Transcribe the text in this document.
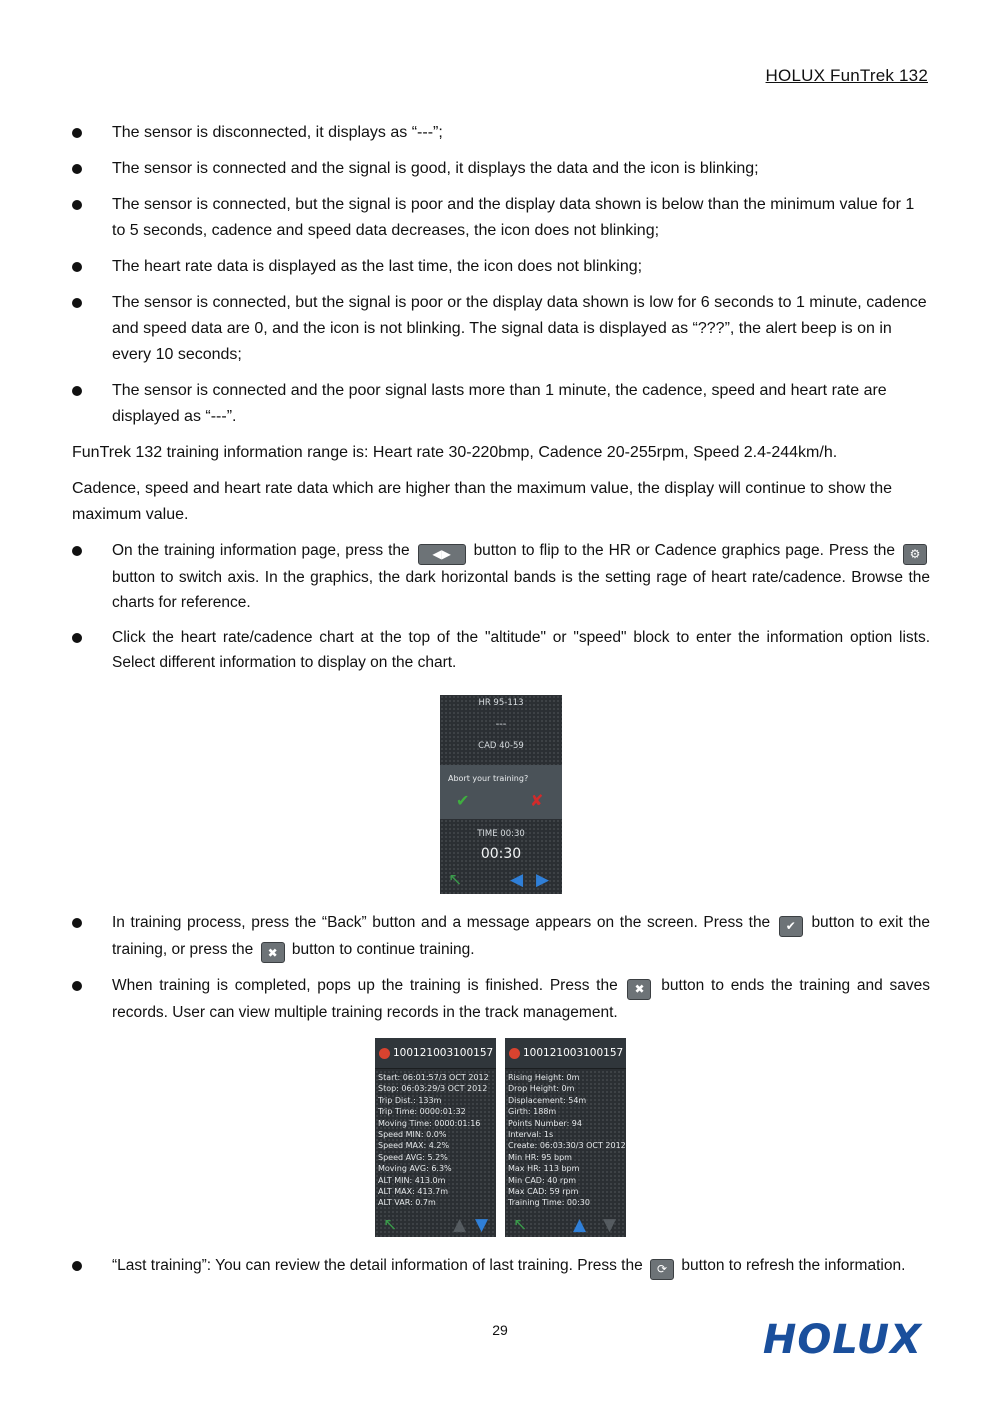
HOLUX FunTrek 132
The sensor is disconnected, it displays as “---”;
The sensor is connected and the signal is good, it displays the data and the icon is blinking;
The sensor is connected, but the signal is poor and the display data shown is below than the minimum value for 1 to 5 seconds, cadence and speed data decreases, the icon does not blinking;
The heart rate data is displayed as the last time, the icon does not blinking;
The sensor is connected, but the signal is poor or the display data shown is low for 6 seconds to 1 minute, cadence and speed data are 0, and the icon is not blinking. The signal data is displayed as “???”, the alert beep is on in every 10 seconds;
The sensor is connected and the poor signal lasts more than 1 minute, the cadence, speed and heart rate are displayed as “---”.
FunTrek 132 training information range is: Heart rate 30-220bmp, Cadence 20-255rpm, Speed 2.4-244km/h.
Cadence, speed and heart rate data which are higher than the maximum value, the display will continue to show the maximum value.
On the training information page, press the ◀▶ button to flip to the HR or Cadence graphics page. Press the ⚙
button to switch axis. In the graphics, the dark horizontal bands is the setting rage of heart rate/cadence. Browse the charts for reference.
Click the heart rate/cadence chart at the top of the "altitude" or "speed" block to enter the information option lists. Select different information to display on the chart.
HR 95-113
---
CAD 40-59
Abort your training?
✔	✘
TIME 00:30
00:30
↖	◀ ▶
In training process, press the “Back” button and a message appears on the screen. Press the ✔ button to exit the training, or press the ✖ button to continue training.
When training is completed, pops up the training is finished. Press the ✖ button to ends the training and saves records. User can view multiple training records in the track management.
100121003100157
Start: 06:01:57/3 OCT 2012
Stop: 06:03:29/3 OCT 2012
Trip Dist.: 133m
Trip Time: 0000:01:32
Moving Time: 0000:01:16
Speed MIN: 0.0%
Speed MAX: 4.2%
Speed AVG: 5.2%
Moving AVG: 6.3%
ALT MIN: 413.0m
ALT MAX: 413.7m
ALT VAR: 0.7m
↖	▲ ▼
100121003100157
Rising Height: 0m
Drop Height: 0m
Displacement: 54m
Girth: 188m
Points Number: 94
Interval: 1s
Create: 06:03:30/3 OCT 2012
Min HR: 95 bpm
Max HR: 113 bpm
Min CAD: 40 rpm
Max CAD: 59 rpm
Training Time: 00:30
↖	▲ ▼
“Last training”: You can review the detail information of last training. Press the ⟳ button to refresh the information.
29	HOLUX
